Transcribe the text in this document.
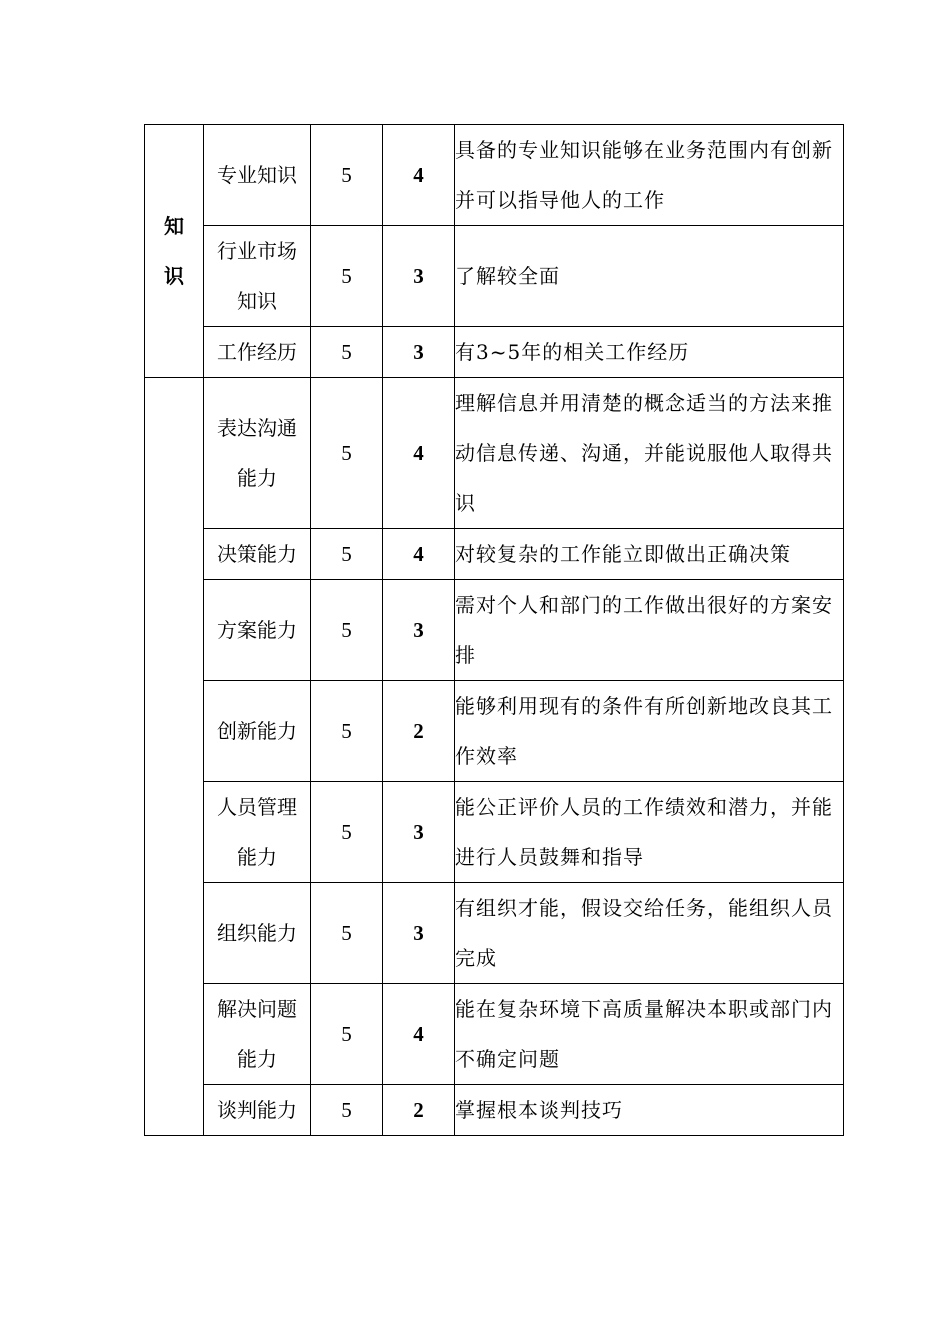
知识	专业知识	5	4	具备的专业知识能够在业务范围内有创新并可以指导他人的工作

	行业市场知识	5	3	了解较全面

	工作经历	5	3	有3~5年的相关工作经历

	表达沟通能力	5	4	理解信息并用清楚的概念适当的方法来推动信息传递、沟通，并能说服他人取得共识

	决策能力	5	4	对较复杂的工作能立即做出正确决策

	方案能力	5	3	需对个人和部门的工作做出很好的方案安排

	创新能力	5	2	能够利用现有的条件有所创新地改良其工作效率

	人员管理能力	5	3	能公正评价人员的工作绩效和潜力，并能进行人员鼓舞和指导

	组织能力	5	3	有组织才能，假设交给任务，能组织人员完成

	解决问题能力	5	4	能在复杂环境下高质量解决本职或部门内不确定问题

	谈判能力	5	2	掌握根本谈判技巧
